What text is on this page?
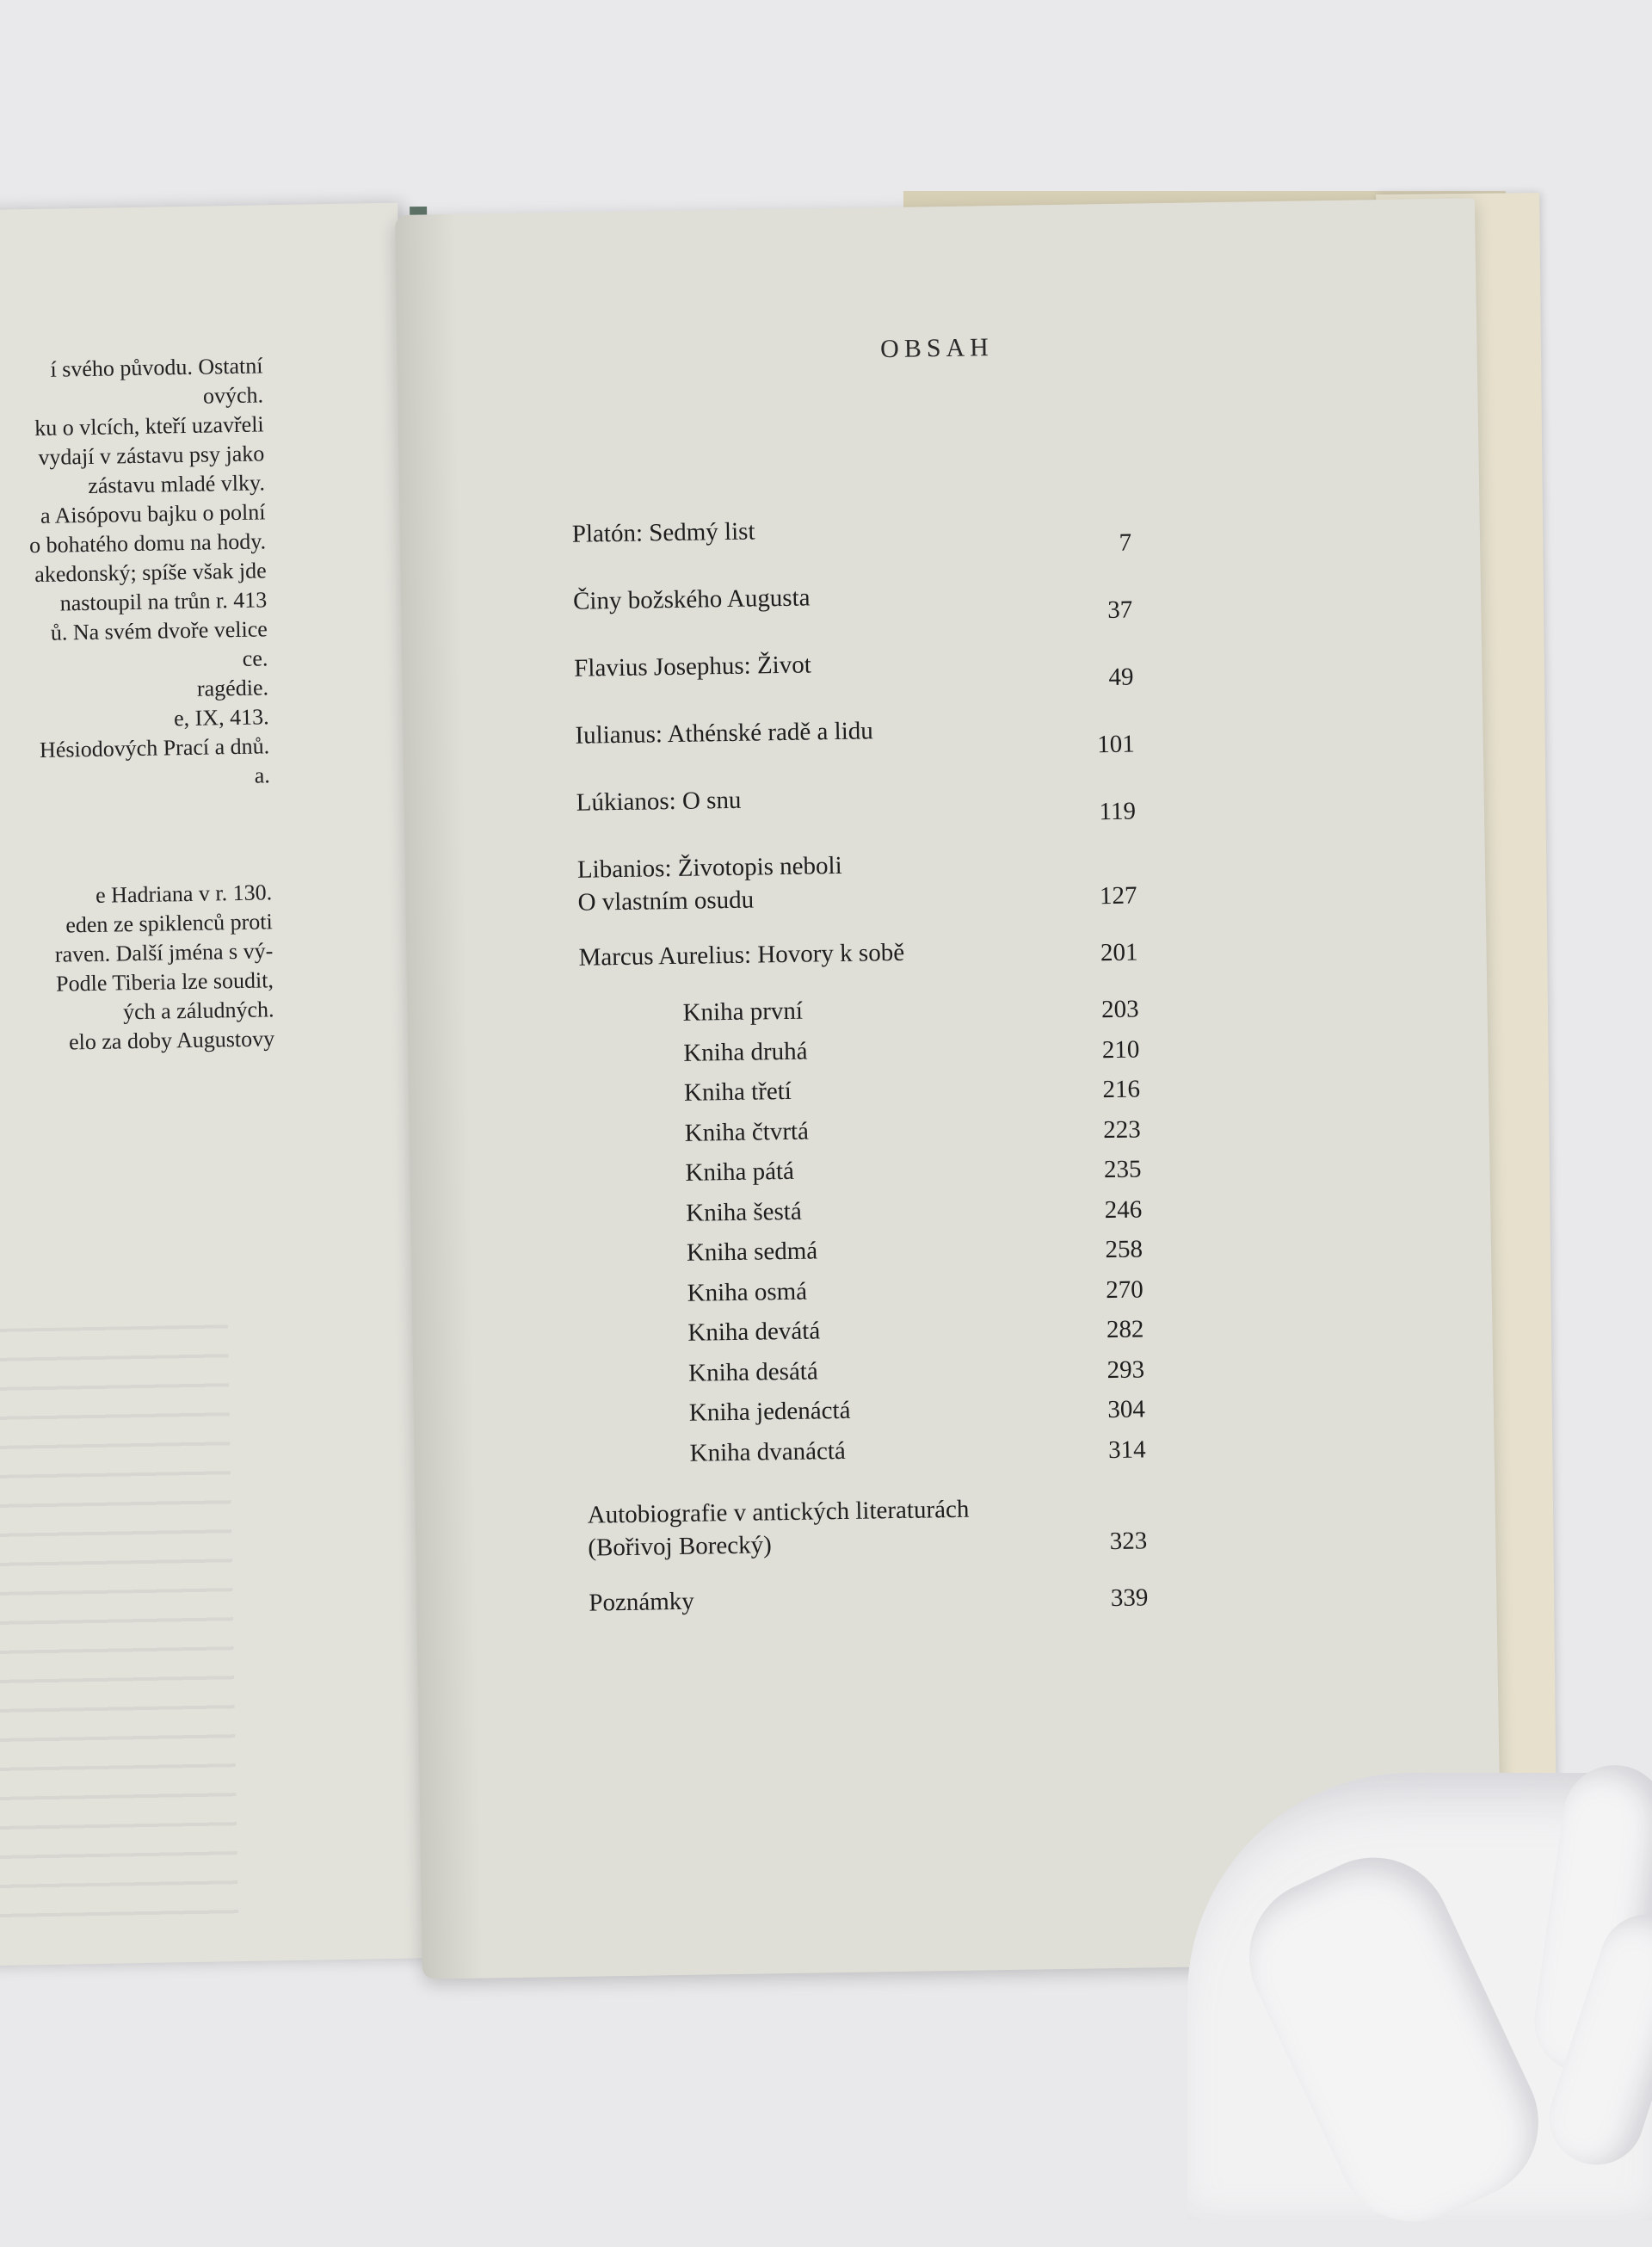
í svého původu. Ostatní
ových.
ku o vlcích, kteří uzavřeli
vydají v zástavu psy jako
zástavu mladé vlky.
a Aisópovu bajku o polní
o bohatého domu na hody.
akedonský; spíše však jde
nastoupil na trůn r. 413
ů. Na svém dvoře velice
ce.
ragédie.
e, IX, 413.
Hésiodových Prací a dnů.
a.
e Hadriana v r. 130.
eden ze spiklenců proti
raven. Další jména s vý-
Podle Tiberia lze soudit,
ých a záludných.
elo za doby Augustovy
OBSAH
Platón: Sedmý list	7
Činy božského Augusta	37
Flavius Josephus: Život	49
Iulianus: Athénské radě a lidu	101
Lúkianos: O snu	119
Libanios: Životopis neboli
O vlastním osudu	127
Marcus Aurelius: Hovory k sobě	201
Kniha první	203
Kniha druhá	210
Kniha třetí	216
Kniha čtvrtá	223
Kniha pátá	235
Kniha šestá	246
Kniha sedmá	258
Kniha osmá	270
Kniha devátá	282
Kniha desátá	293
Kniha jedenáctá	304
Kniha dvanáctá	314
Autobiografie v antických literaturách
(Bořivoj Borecký)	323
Poznámky	339
